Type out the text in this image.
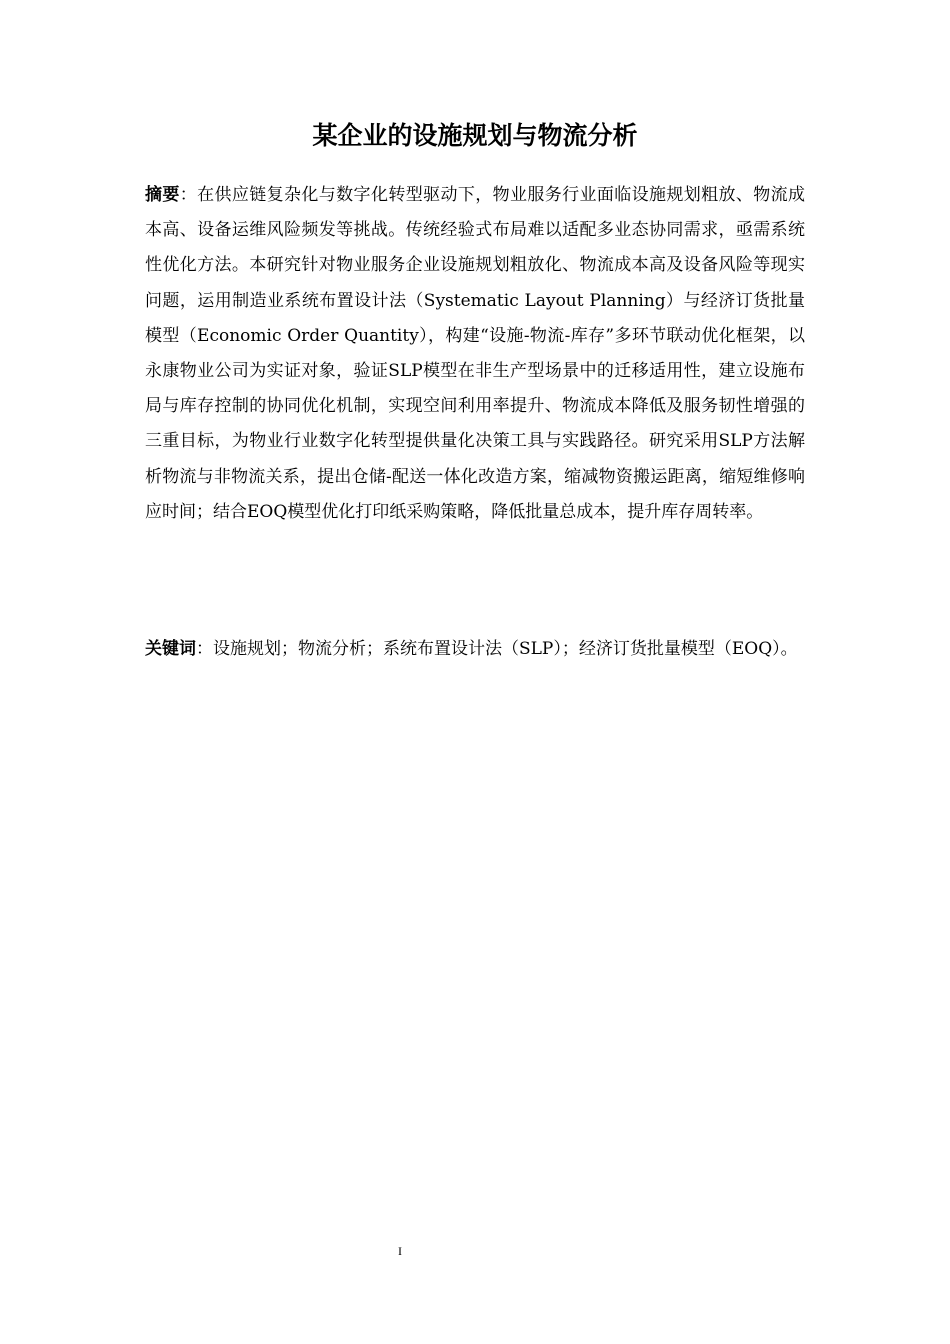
某企业的设施规划与物流分析

摘要：在供应链复杂化与数字化转型驱动下，物业服务行业面临设施规划粗放、物流成本高、设备运维风险频发等挑战。传统经验式布局难以适配多业态协同需求，亟需系统性优化方法。本研究针对物业服务企业设施规划粗放化、物流成本高及设备风险等现实问题，运用制造业系统布置设计法（Systematic Layout Planning）与经济订货批量模型（Economic Order Quantity），构建“设施-物流-库存”多环节联动优化框架，以永康物业公司为实证对象，验证SLP模型在非生产型场景中的迁移适用性，建立设施布局与库存控制的协同优化机制，实现空间利用率提升、物流成本降低及服务韧性增强的三重目标，为物业行业数字化转型提供量化决策工具与实践路径。研究采用SLP方法解析物流与非物流关系，提出仓储-配送一体化改造方案，缩减物资搬运距离，缩短维修响应时间；结合EOQ模型优化打印纸采购策略，降低批量总成本，提升库存周转率。

关键词：设施规划；物流分析；系统布置设计法（SLP）；经济订货批量模型（EOQ）。

I
